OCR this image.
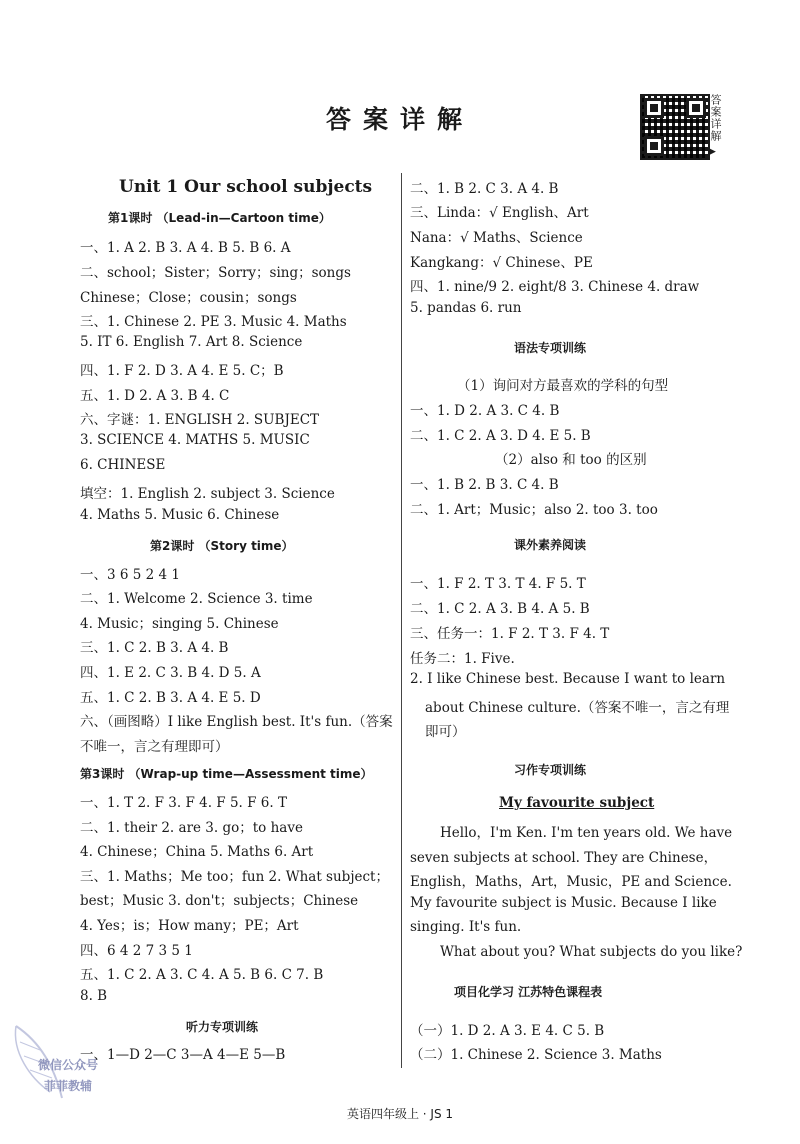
答案详解	答案详解
▶
Unit 1 Our school subjects
第1课时 （Lead-in—Cartoon time）
一、1. A 2. B 3. A 4. B 5. B 6. A
二、school；Sister；Sorry；sing；songs
Chinese；Close；cousin；songs
三、1. Chinese 2. PE 3. Music 4. Maths
5. IT 6. English 7. Art 8. Science
四、1. F 2. D 3. A 4. E 5. C；B
五、1. D 2. A 3. B 4. C
六、字谜：1. ENGLISH 2. SUBJECT
3. SCIENCE 4. MATHS 5. MUSIC
6. CHINESE
填空：1. English 2. subject 3. Science
4. Maths 5. Music 6. Chinese
第2课时 （Story time）
一、3 6 5 2 4 1
二、1. Welcome 2. Science 3. time
4. Music；singing 5. Chinese
三、1. C 2. B 3. A 4. B
四、1. E 2. C 3. B 4. D 5. A
五、1. C 2. B 3. A 4. E 5. D
六、（画图略）I like English best. It's fun.（答案
不唯一，言之有理即可）
第3课时 （Wrap-up time—Assessment time）
一、1. T 2. F 3. F 4. F 5. F 6. T
二、1. their 2. are 3. go；to have
4. Chinese；China 5. Maths 6. Art
三、1. Maths；Me too；fun 2. What subject；
best；Music 3. don't；subjects；Chinese
4. Yes；is；How many；PE；Art
四、6 4 2 7 3 5 1
五、1. C 2. A 3. C 4. A 5. B 6. C 7. B
8. B
听力专项训练
一、1—D 2—C 3—A 4—E 5—B
二、1. B 2. C 3. A 4. B
三、Linda：√ English、Art
Nana：√ Maths、Science
Kangkang：√ Chinese、PE
四、1. nine/9 2. eight/8 3. Chinese 4. draw
5. pandas 6. run
语法专项训练
（1）询问对方最喜欢的学科的句型
一、1. D 2. A 3. C 4. B
二、1. C 2. A 3. D 4. E 5. B
（2）also 和 too 的区别
一、1. B 2. B 3. C 4. B
二、1. Art；Music；also 2. too 3. too
课外素养阅读
一、1. F 2. T 3. T 4. F 5. T
二、1. C 2. A 3. B 4. A 5. B
三、任务一：1. F 2. T 3. F 4. T
任务二：1. Five.
2. I like Chinese best. Because I want to learn
about Chinese culture.（答案不唯一，言之有理
即可）
习作专项训练
My favourite subject
Hello，I'm Ken. I'm ten years old. We have
seven subjects at school. They are Chinese，
English，Maths，Art，Music，PE and Science.
My favourite subject is Music. Because I like
singing. It's fun.
What about you? What subjects do you like?
项目化学习 江苏特色课程表
（一）1. D 2. A 3. E 4. C 5. B
（二）1. Chinese 2. Science 3. Maths
微信公众号
菲菲教辅
英语四年级上 · JS 1
